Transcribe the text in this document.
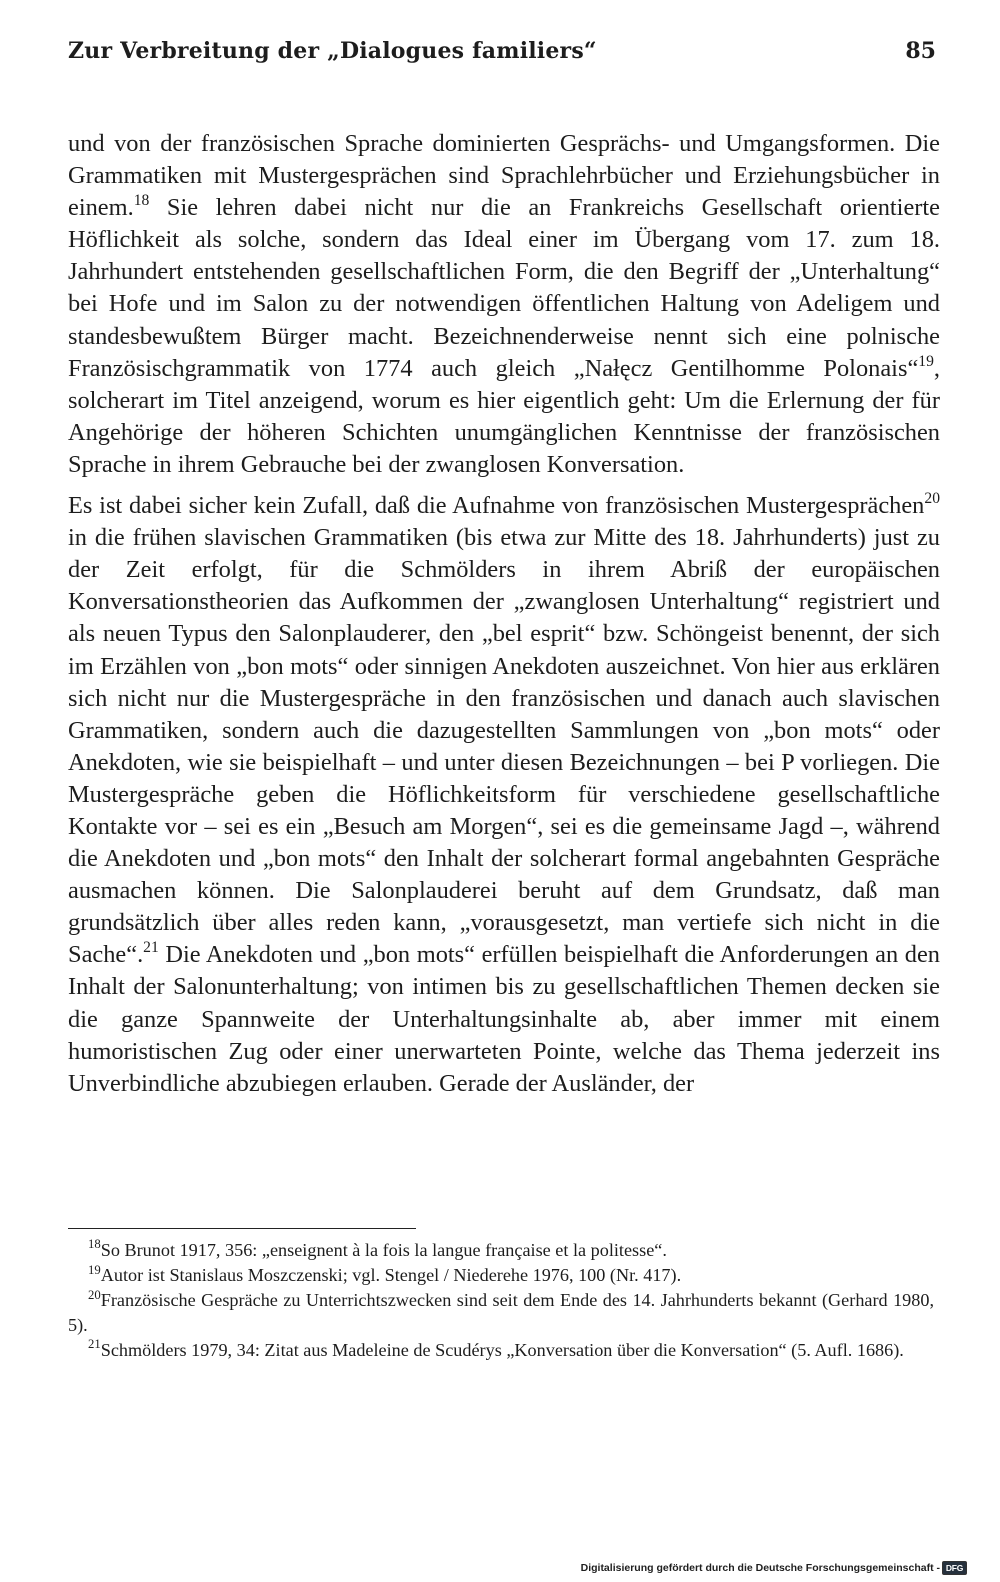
Zur Verbreitung der „Dialogues familiers“	85

und von der französischen Sprache dominierten Gesprächs- und Umgangsformen. Die Grammatiken mit Mustergesprächen sind Sprachlehrbücher und Erziehungsbücher in einem.$^{18}$ Sie lehren dabei nicht nur die an Frankreichs Gesellschaft orientierte Höflichkeit als solche, sondern das Ideal einer im Übergang vom 17. zum 18. Jahrhundert entstehenden gesellschaftlichen Form, die den Begriff der „Unterhaltung“ bei Hofe und im Salon zu der notwendigen öffentlichen Haltung von Adeligem und standesbewußtem Bürger macht. Bezeichnenderweise nennt sich eine polnische Französischgrammatik von 1774 auch gleich „Nałęcz Gentilhomme Polonais“$^{19}$, solcherart im Titel anzeigend, worum es hier eigentlich geht: Um die Erlernung der für Angehörige der höheren Schichten unumgänglichen Kenntnisse der französischen Sprache in ihrem Gebrauche bei der zwanglosen Konversation.

Es ist dabei sicher kein Zufall, daß die Aufnahme von französischen Mustergesprächen$^{20}$ in die frühen slavischen Grammatiken (bis etwa zur Mitte des 18. Jahrhunderts) just zu der Zeit erfolgt, für die Schmölders in ihrem Abriß der europäischen Konversationstheorien das Aufkommen der „zwanglosen Unterhaltung“ registriert und als neuen Typus den Salonplauderer, den „bel esprit“ bzw. Schöngeist benennt, der sich im Erzählen von „bon mots“ oder sinnigen Anekdoten auszeichnet. Von hier aus erklären sich nicht nur die Mustergespräche in den französischen und danach auch slavischen Grammatiken, sondern auch die dazugestellten Sammlungen von „bon mots“ oder Anekdoten, wie sie beispielhaft – und unter diesen Bezeichnungen – bei P vorliegen. Die Mustergespräche geben die Höflichkeitsform für verschiedene gesellschaftliche Kontakte vor – sei es ein „Besuch am Morgen“, sei es die gemeinsame Jagd –, während die Anekdoten und „bon mots“ den Inhalt der solcherart formal angebahnten Gespräche ausmachen können. Die Salonplauderei beruht auf dem Grundsatz, daß man grundsätzlich über alles reden kann, „vorausgesetzt, man vertiefe sich nicht in die Sache“.$^{21}$ Die Anekdoten und „bon mots“ erfüllen beispielhaft die Anforderungen an den Inhalt der Salonunterhaltung; von intimen bis zu gesellschaftlichen Themen decken sie die ganze Spannweite der Unterhaltungsinhalte ab, aber immer mit einem humoristischen Zug oder einer unerwarteten Pointe, welche das Thema jederzeit ins Unverbindliche abzubiegen erlauben. Gerade der Ausländer, der

$^{18}$So Brunot 1917, 356: „enseignent à la fois la langue française et la politesse“.

$^{19}$Autor ist Stanislaus Moszczenski; vgl. Stengel / Niederehe 1976, 100 (Nr. 417).

$^{20}$Französische Gespräche zu Unterrichtszwecken sind seit dem Ende des 14. Jahrhunderts bekannt (Gerhard 1980, 5).

$^{21}$Schmölders 1979, 34: Zitat aus Madeleine de Scudérys „Konversation über die Konversation“ (5. Aufl. 1686).

Digitalisierung gefördert durch die Deutsche Forschungsgemeinschaft - DFG
